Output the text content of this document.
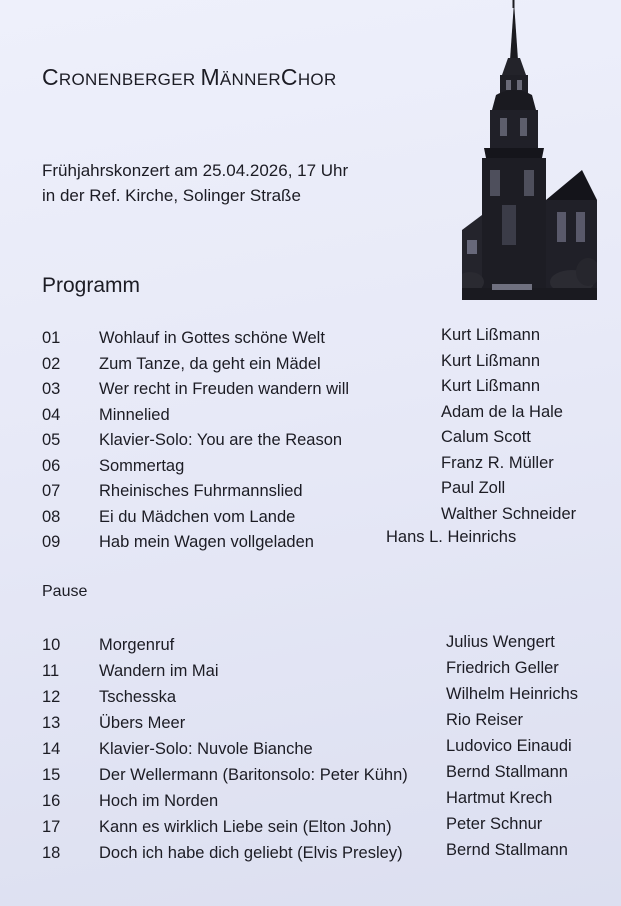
CRONENBERGER MÄNNERCHOR
Frühjahrskonzert am 25.04.2026, 17 Uhr
in der Ref. Kirche, Solinger Straße
Programm
01 Wohlauf in Gottes schöne Welt	Kurt Lißmann
02 Zum Tanze, da geht ein Mädel	Kurt Lißmann
03 Wer recht in Freuden wandern will	Kurt Lißmann
04 Minnelied	Adam de la Hale
05 Klavier-Solo: You are the Reason	Calum Scott
06 Sommertag	Franz R. Müller
07 Rheinisches Fuhrmannslied	Paul Zoll
08 Ei du Mädchen vom Lande	Walther Schneider
09 Hab mein Wagen vollgeladen	Hans L. Heinrichs
Pause
10 Morgenruf	Julius Wengert
11 Wandern im Mai	Friedrich Geller
12 Tschesska	Wilhelm Heinrichs
13 Übers Meer	Rio Reiser
14 Klavier-Solo: Nuvole Bianche	Ludovico Einaudi
15 Der Wellermann (Baritonsolo: Peter Kühn) Bernd Stallmann
16 Hoch im Norden	Hartmut Krech
17 Kann es wirklich Liebe sein (Elton John)	Peter Schnur
18 Doch ich habe dich geliebt (Elvis Presley)	Bernd Stallmann
